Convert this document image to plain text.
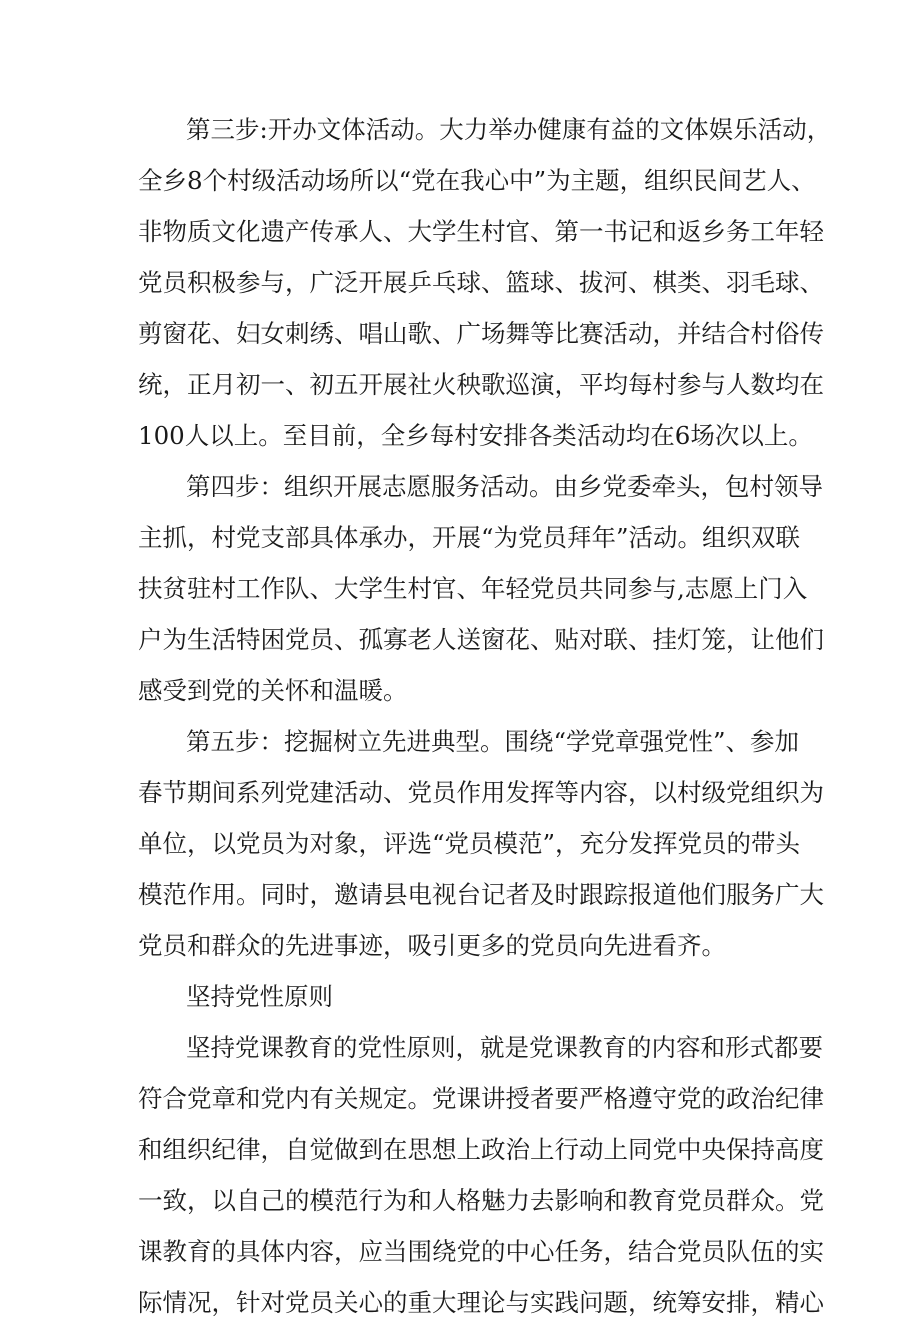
第三步:开办文体活动。大力举办健康有益的文体娱乐活动，
全乡8个村级活动场所以“党在我心中”为主题，组织民间艺人、
非物质文化遗产传承人、大学生村官、第一书记和返乡务工年轻
党员积极参与，广泛开展乒乓球、篮球、拔河、棋类、羽毛球、
剪窗花、妇女刺绣、唱山歌、广场舞等比赛活动，并结合村俗传
统，正月初一、初五开展社火秧歌巡演，平均每村参与人数均在
100人以上。至目前，全乡每村安排各类活动均在6场次以上。
第四步：组织开展志愿服务活动。由乡党委牵头，包村领导
主抓，村党支部具体承办，开展“为党员拜年”活动。组织双联
扶贫驻村工作队、大学生村官、年轻党员共同参与,志愿上门入
户为生活特困党员、孤寡老人送窗花、贴对联、挂灯笼，让他们
感受到党的关怀和温暖。
第五步：挖掘树立先进典型。围绕“学党章强党性”、参加
春节期间系列党建活动、党员作用发挥等内容，以村级党组织为
单位，以党员为对象，评选“党员模范”，充分发挥党员的带头
模范作用。同时，邀请县电视台记者及时跟踪报道他们服务广大
党员和群众的先进事迹，吸引更多的党员向先进看齐。
坚持党性原则
坚持党课教育的党性原则，就是党课教育的内容和形式都要
符合党章和党内有关规定。党课讲授者要严格遵守党的政治纪律
和组织纪律，自觉做到在思想上政治上行动上同党中央保持高度
一致，以自己的模范行为和人格魅力去影响和教育党员群众。党
课教育的具体内容，应当围绕党的中心任务，结合党员队伍的实
际情况，针对党员关心的重大理论与实践问题，统筹安排，精心
